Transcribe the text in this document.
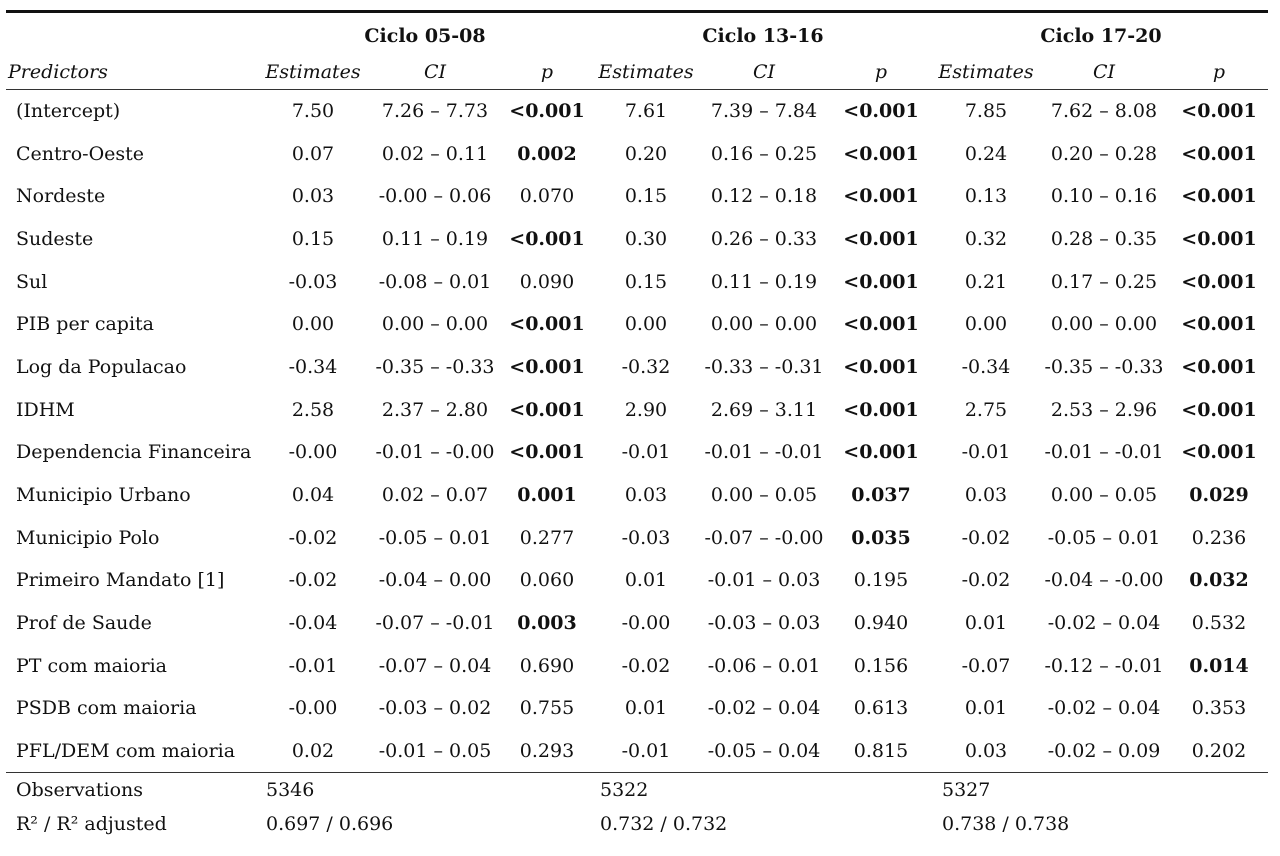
	Ciclo 05-08			Ciclo 13-16			Ciclo 17-20		
Predictors	Estimates	CI	p	Estimates	CI	p	Estimates	CI	p
(Intercept)	7.50	7.26 – 7.73	<0.001	7.61	7.39 – 7.84	<0.001	7.85	7.62 – 8.08	<0.001
Centro-Oeste	0.07	0.02 – 0.11	0.002	0.20	0.16 – 0.25	<0.001	0.24	0.20 – 0.28	<0.001
Nordeste	0.03	-0.00 – 0.06	0.070	0.15	0.12 – 0.18	<0.001	0.13	0.10 – 0.16	<0.001
Sudeste	0.15	0.11 – 0.19	<0.001	0.30	0.26 – 0.33	<0.001	0.32	0.28 – 0.35	<0.001
Sul	-0.03	-0.08 – 0.01	0.090	0.15	0.11 – 0.19	<0.001	0.21	0.17 – 0.25	<0.001
PIB per capita	0.00	0.00 – 0.00	<0.001	0.00	0.00 – 0.00	<0.001	0.00	0.00 – 0.00	<0.001
Log da Populacao	-0.34	-0.35 – -0.33	<0.001	-0.32	-0.33 – -0.31	<0.001	-0.34	-0.35 – -0.33	<0.001
IDHM	2.58	2.37 – 2.80	<0.001	2.90	2.69 – 3.11	<0.001	2.75	2.53 – 2.96	<0.001
Dependencia Financeira	-0.00	-0.01 – -0.00	<0.001	-0.01	-0.01 – -0.01	<0.001	-0.01	-0.01 – -0.01	<0.001
Municipio Urbano	0.04	0.02 – 0.07	0.001	0.03	0.00 – 0.05	0.037	0.03	0.00 – 0.05	0.029
Municipio Polo	-0.02	-0.05 – 0.01	0.277	-0.03	-0.07 – -0.00	0.035	-0.02	-0.05 – 0.01	0.236
Primeiro Mandato [1]	-0.02	-0.04 – 0.00	0.060	0.01	-0.01 – 0.03	0.195	-0.02	-0.04 – -0.00	0.032
Prof de Saude	-0.04	-0.07 – -0.01	0.003	-0.00	-0.03 – 0.03	0.940	0.01	-0.02 – 0.04	0.532
PT com maioria	-0.01	-0.07 – 0.04	0.690	-0.02	-0.06 – 0.01	0.156	-0.07	-0.12 – -0.01	0.014
PSDB com maioria	-0.00	-0.03 – 0.02	0.755	0.01	-0.02 – 0.04	0.613	0.01	-0.02 – 0.04	0.353
PFL/DEM com maioria	0.02	-0.01 – 0.05	0.293	-0.01	-0.05 – 0.04	0.815	0.03	-0.02 – 0.09	0.202
Observations	5346			5322			5327		
R² / R² adjusted	0.697 / 0.696			0.732 / 0.732			0.738 / 0.738		
